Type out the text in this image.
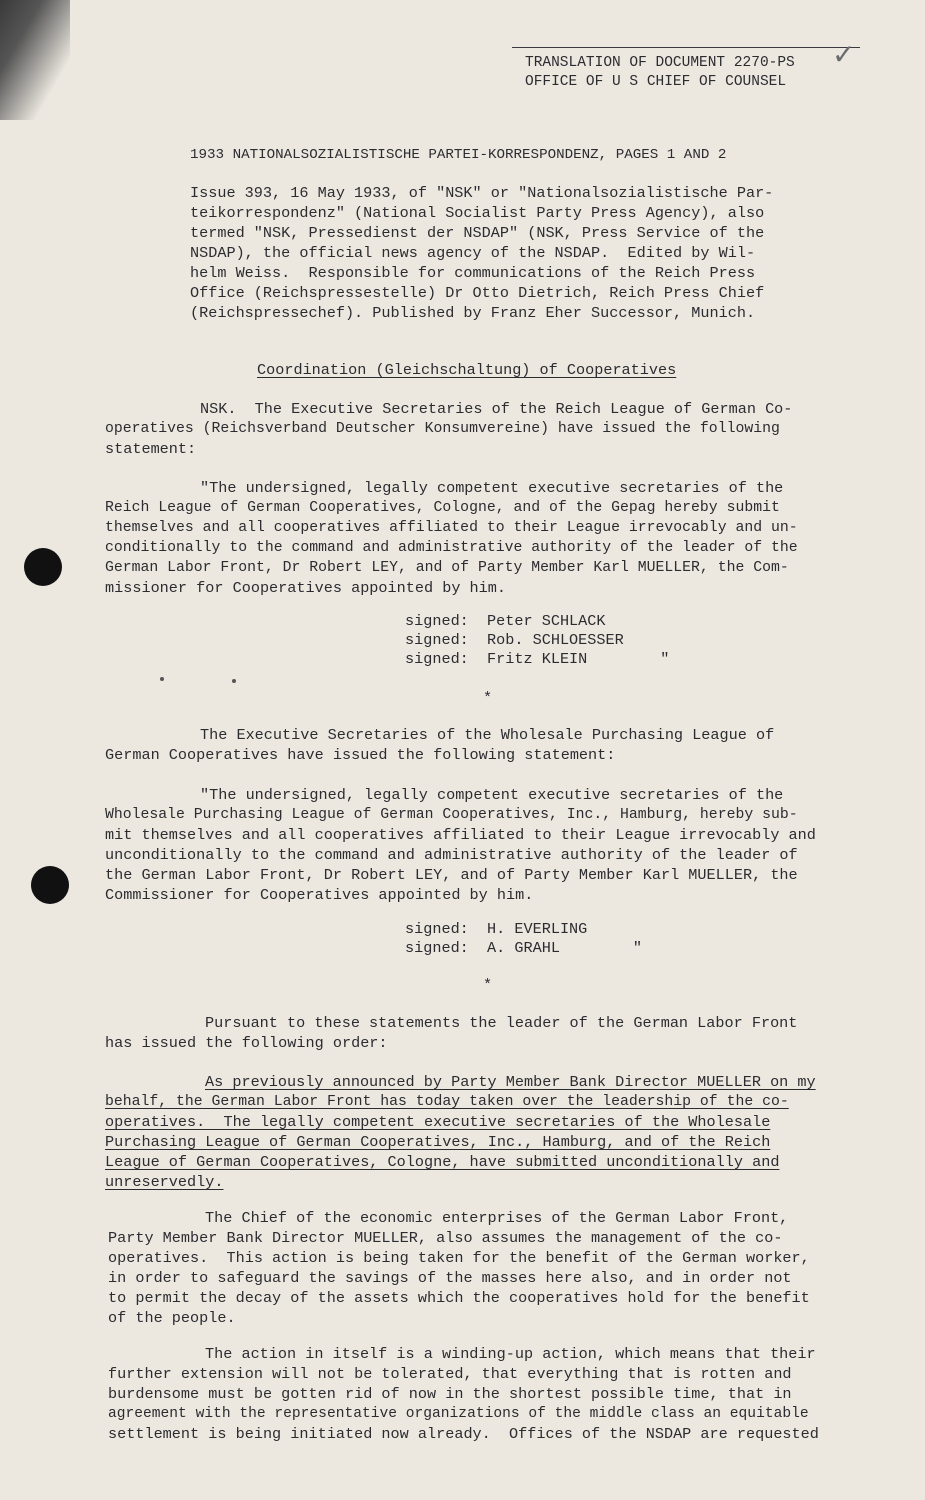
TRANSLATION OF DOCUMENT 2270-PS
OFFICE OF U S CHIEF OF COUNSEL
✓
1933 NATIONALSOZIALISTISCHE PARTEI-KORRESPONDENZ, PAGES 1 AND 2
Issue 393, 16 May 1933, of "NSK" or "Nationalsozialistische Par-
teikorrespondenz" (National Socialist Party Press Agency), also
termed "NSK, Pressedienst der NSDAP" (NSK, Press Service of the
NSDAP), the official news agency of the NSDAP.  Edited by Wil-
helm Weiss.  Responsible for communications of the Reich Press
Office (Reichspressestelle) Dr Otto Dietrich, Reich Press Chief
(Reichspressechef). Published by Franz Eher Successor, Munich.
Coordination (Gleichschaltung) of Cooperatives
NSK.  The Executive Secretaries of the Reich League of German Co-
operatives (Reichsverband Deutscher Konsumvereine) have issued the following
statement:
"The undersigned, legally competent executive secretaries of the
Reich League of German Cooperatives, Cologne, and of the Gepag hereby submit
themselves and all cooperatives affiliated to their League irrevocably and un-
conditionally to the command and administrative authority of the leader of the
German Labor Front, Dr Robert LEY, and of Party Member Karl MUELLER, the Com-
missioner for Cooperatives appointed by him.
signed:  Peter SCHLACK
signed:  Rob. SCHLOESSER
signed:  Fritz KLEIN        "
*
The Executive Secretaries of the Wholesale Purchasing League of
German Cooperatives have issued the following statement:
"The undersigned, legally competent executive secretaries of the
Wholesale Purchasing League of German Cooperatives, Inc., Hamburg, hereby sub-
mit themselves and all cooperatives affiliated to their League irrevocably and
unconditionally to the command and administrative authority of the leader of
the German Labor Front, Dr Robert LEY, and of Party Member Karl MUELLER, the
Commissioner for Cooperatives appointed by him.
signed:  H. EVERLING
signed:  A. GRAHL        "
*
Pursuant to these statements the leader of the German Labor Front
has issued the following order:
As previously announced by Party Member Bank Director MUELLER on my
behalf, the German Labor Front has today taken over the leadership of the co-
operatives.  The legally competent executive secretaries of the Wholesale
Purchasing League of German Cooperatives, Inc., Hamburg, and of the Reich
League of German Cooperatives, Cologne, have submitted unconditionally and
unreservedly.
The Chief of the economic enterprises of the German Labor Front,
Party Member Bank Director MUELLER, also assumes the management of the co-
operatives.  This action is being taken for the benefit of the German worker,
in order to safeguard the savings of the masses here also, and in order not
to permit the decay of the assets which the cooperatives hold for the benefit
of the people.
The action in itself is a winding-up action, which means that their
further extension will not be tolerated, that everything that is rotten and
burdensome must be gotten rid of now in the shortest possible time, that in
agreement with the representative organizations of the middle class an equitable
settlement is being initiated now already.  Offices of the NSDAP are requested
